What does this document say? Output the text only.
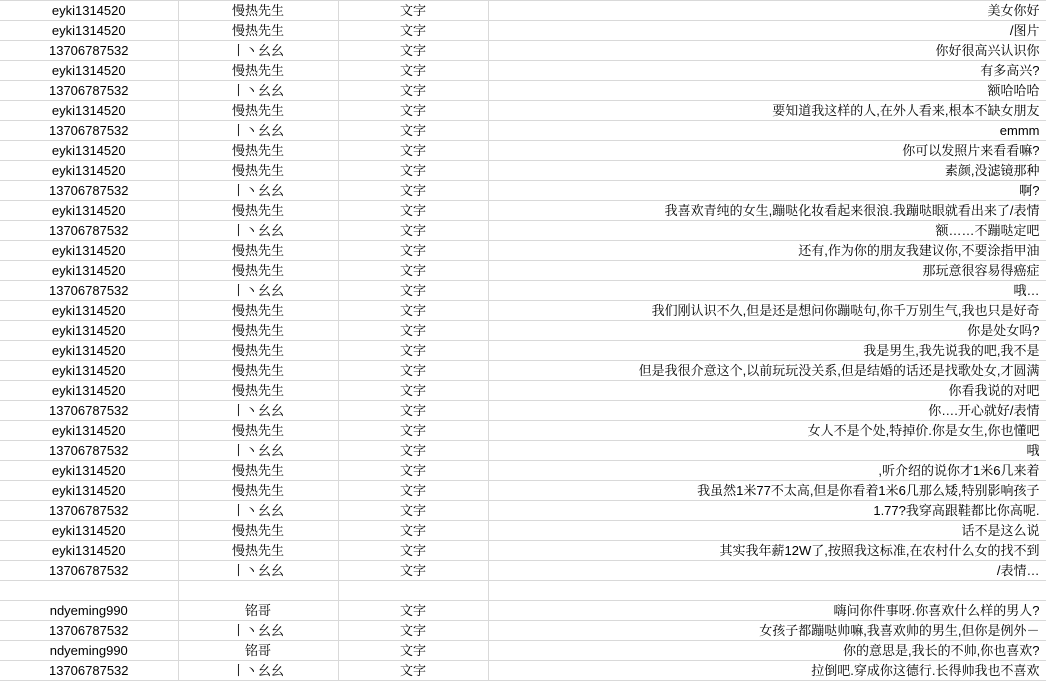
eyki1314520	慢热先生	文字	美女你好
eyki1314520	慢热先生	文字	/图片
13706787532	丨丶幺幺	文字	你好很高兴认识你
eyki1314520	慢热先生	文字	有多高兴?
13706787532	丨丶幺幺	文字	额哈哈哈
eyki1314520	慢热先生	文字	要知道我这样的人,在外人看来,根本不缺女朋友
13706787532	丨丶幺幺	文字	emmm
eyki1314520	慢热先生	文字	你可以发照片来看看嘛?
eyki1314520	慢热先生	文字	素颜,没滤镜那种
13706787532	丨丶幺幺	文字	啊?
eyki1314520	慢热先生	文字	我喜欢青纯的女生,蹦哒化妆看起来很浪.我蹦哒眼就看出来了/表情
13706787532	丨丶幺幺	文字	额……不蹦哒定吧
eyki1314520	慢热先生	文字	还有,作为你的朋友我建议你,不要涂指甲油
eyki1314520	慢热先生	文字	那玩意很容易得癌症
13706787532	丨丶幺幺	文字	哦…
eyki1314520	慢热先生	文字	我们刚认识不久,但是还是想问你蹦哒句,你千万别生气,我也只是好奇
eyki1314520	慢热先生	文字	你是处女吗?
eyki1314520	慢热先生	文字	我是男生,我先说我的吧,我不是
eyki1314520	慢热先生	文字	但是我很介意这个,以前玩玩没关系,但是结婚的话还是找歌处女,才圆满
eyki1314520	慢热先生	文字	你看我说的对吧
13706787532	丨丶幺幺	文字	你….开心就好/表情
eyki1314520	慢热先生	文字	女人不是个处,特掉价.你是女生,你也懂吧
13706787532	丨丶幺幺	文字	哦
eyki1314520	慢热先生	文字	,听介绍的说你才1米6几来着
eyki1314520	慢热先生	文字	我虽然1米77不太高,但是你看着1米6几那么矮,特别影响孩子
13706787532	丨丶幺幺	文字	1.77?我穿高跟鞋都比你高呢.
eyki1314520	慢热先生	文字	话不是这么说
eyki1314520	慢热先生	文字	其实我年薪12W了,按照我这标准,在农村什么女的找不到
13706787532	丨丶幺幺	文字	/表情…

ndyeming990	铭哥	文字	嗨问你件事呀.你喜欢什么样的男人?
13706787532	丨丶幺幺	文字	女孩子都蹦哒帅嘛,我喜欢帅的男生,但你是例外－
ndyeming990	铭哥	文字	你的意思是,我长的不帅,你也喜欢?
13706787532	丨丶幺幺	文字	拉倒吧.穿成你这德行.长得帅我也不喜欢
